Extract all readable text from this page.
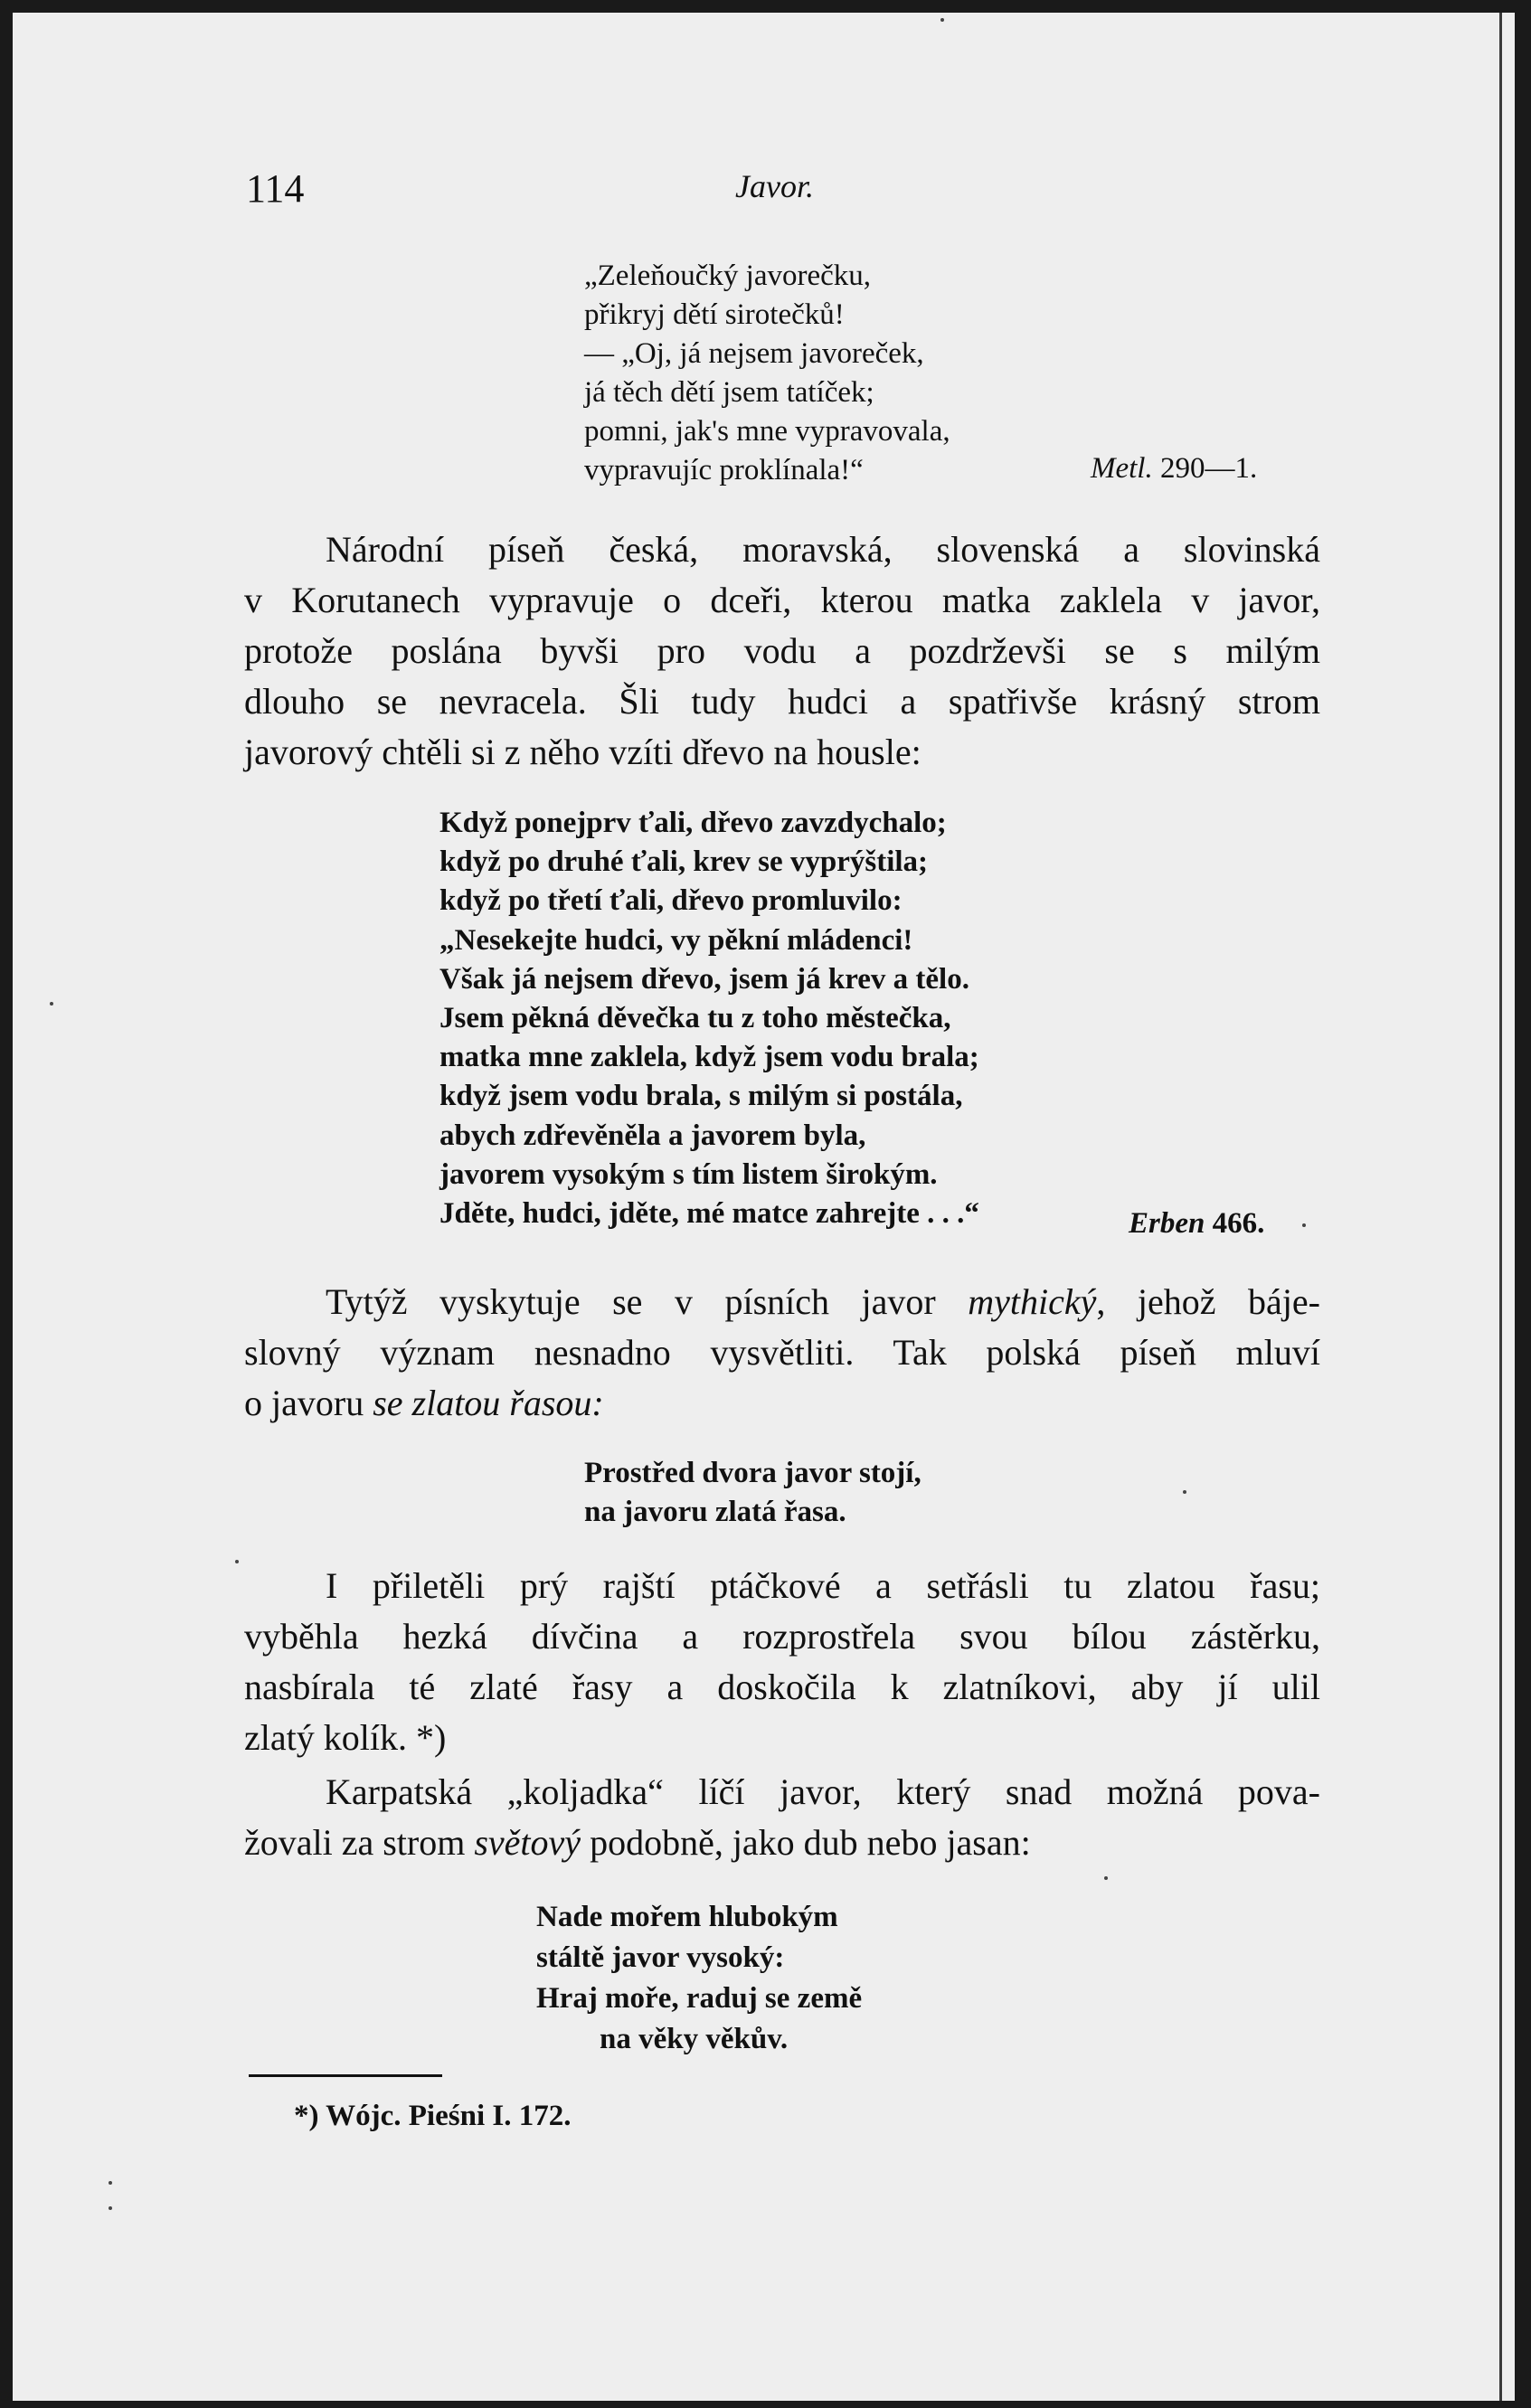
114	Javor.
„Zeleňoučký javorečku,
přikryj dětí sirotečků!
— „Oj, já nejsem javoreček,
já těch dětí jsem tatíček;
pomni, jak's mne vypravovala,
vypravujíc proklínala!“	Metl. 290—1.
Národní píseň česká, moravská, slovenská a slovinská
v Korutanech vypravuje o dceři, kterou matka zaklela v javor,
protože poslána byvši pro vodu a pozdrževši se s milým
dlouho se nevracela. Šli tudy hudci a spatřivše krásný strom
javorový chtěli si z něho vzíti dřevo na housle:
Když ponejprv ťali, dřevo zavzdychalo;
když po druhé ťali, krev se vyprýštila;
když po třetí ťali, dřevo promluvilo:
„Nesekejte hudci, vy pěkní mládenci!
Však já nejsem dřevo, jsem já krev a tělo.
Jsem pěkná děvečka tu z toho městečka,
matka mne zaklela, když jsem vodu brala;
když jsem vodu brala, s milým si postála,
abych zdřevěněla a javorem byla,
javorem vysokým s tím listem širokým.
Jděte, hudci, jděte, mé matce zahrejte . . .“	Erben 466.
Tytýž vyskytuje se v písních javor mythický, jehož báje-
slovný význam nesnadno vysvětliti. Tak polská píseň mluví
o javoru se zlatou řasou:
Prostřed dvora javor stojí,
na javoru zlatá řasa.
I přiletěli prý rajští ptáčkové a setřásli tu zlatou řasu;
vyběhla hezká dívčina a rozprostřela svou bílou zástěrku,
nasbírala té zlaté řasy a doskočila k zlatníkovi, aby jí ulil
zlatý kolík. *)
Karpatská „koljadka“ líčí javor, který snad možná pova-
žovali za strom světový podobně, jako dub nebo jasan:
Nade mořem hlubokým
stáltě javor vysoký:
Hraj moře, raduj se země
na věky věkův.
*) Wójc. Pieśni I. 172.
